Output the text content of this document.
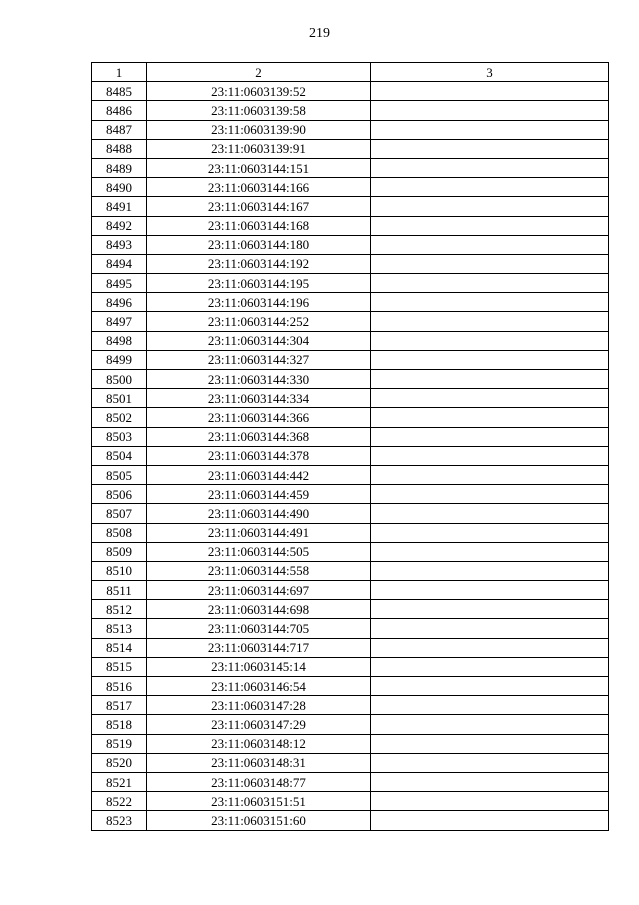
219
1	2	3
8485	23:11:0603139:52	
8486	23:11:0603139:58	
8487	23:11:0603139:90	
8488	23:11:0603139:91	
8489	23:11:0603144:151	
8490	23:11:0603144:166	
8491	23:11:0603144:167	
8492	23:11:0603144:168	
8493	23:11:0603144:180	
8494	23:11:0603144:192	
8495	23:11:0603144:195	
8496	23:11:0603144:196	
8497	23:11:0603144:252	
8498	23:11:0603144:304	
8499	23:11:0603144:327	
8500	23:11:0603144:330	
8501	23:11:0603144:334	
8502	23:11:0603144:366	
8503	23:11:0603144:368	
8504	23:11:0603144:378	
8505	23:11:0603144:442	
8506	23:11:0603144:459	
8507	23:11:0603144:490	
8508	23:11:0603144:491	
8509	23:11:0603144:505	
8510	23:11:0603144:558	
8511	23:11:0603144:697	
8512	23:11:0603144:698	
8513	23:11:0603144:705	
8514	23:11:0603144:717	
8515	23:11:0603145:14	
8516	23:11:0603146:54	
8517	23:11:0603147:28	
8518	23:11:0603147:29	
8519	23:11:0603148:12	
8520	23:11:0603148:31	
8521	23:11:0603148:77	
8522	23:11:0603151:51	
8523	23:11:0603151:60	
